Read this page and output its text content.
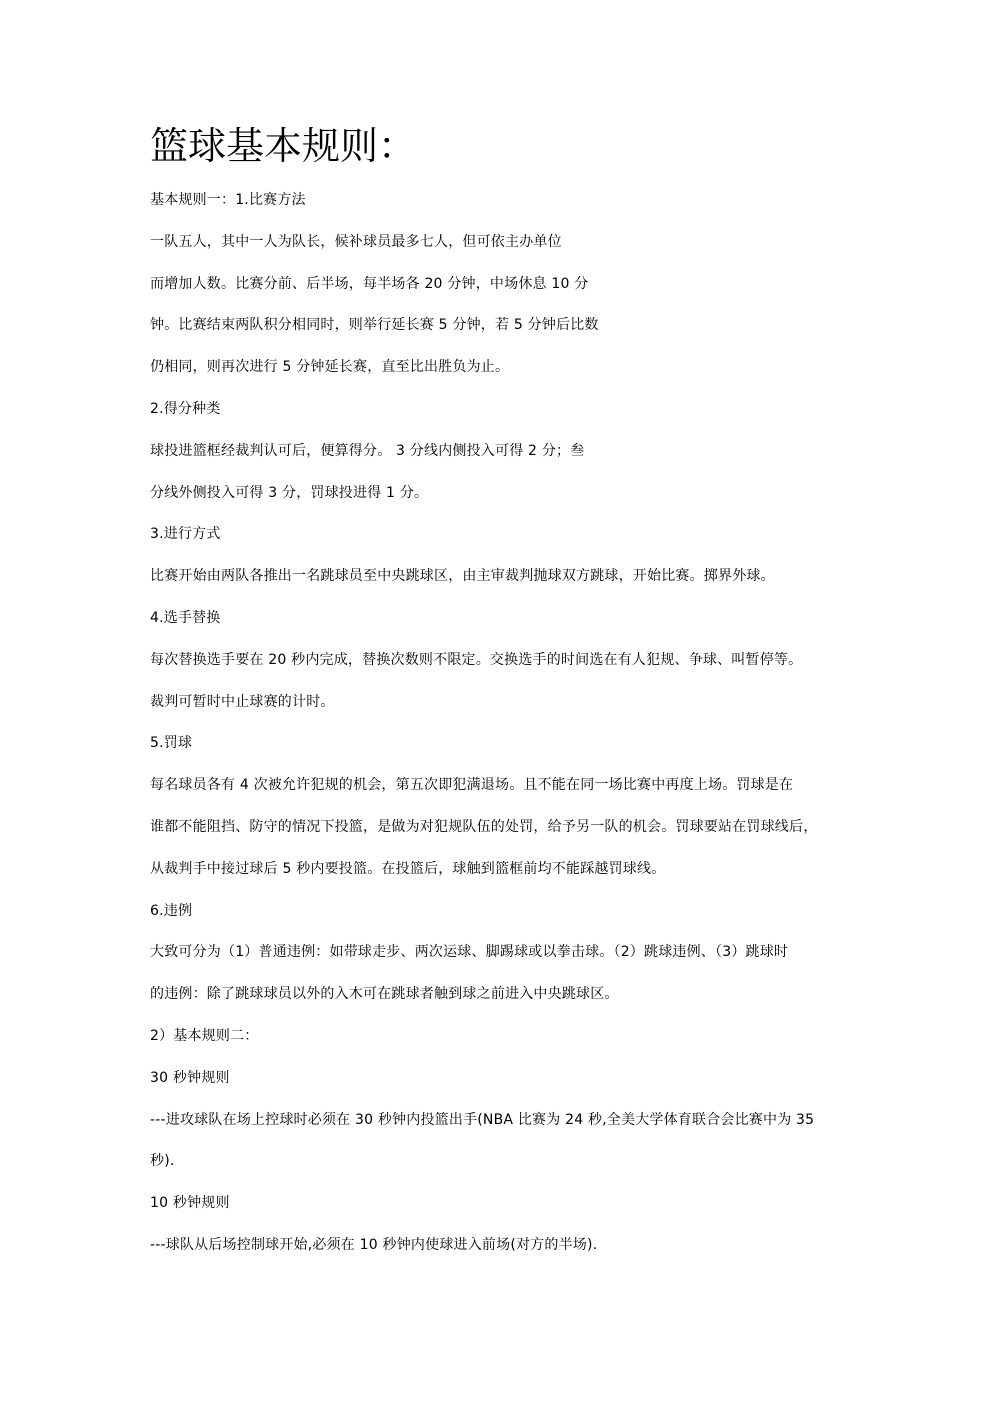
篮球基本规则：
基本规则一：1.比赛方法
一队五人，其中一人为队长，候补球员最多七人，但可依主办单位
而增加人数。比赛分前、后半场，每半场各 20 分钟，中场休息 10 分
钟。比赛结束两队积分相同时，则举行延长赛 5 分钟，若 5 分钟后比数
仍相同，则再次进行 5 分钟延长赛，直至比出胜负为止。
2.得分种类
球投进篮框经裁判认可后，便算得分。 3 分线内侧投入可得 2 分；叁
分线外侧投入可得 3 分，罚球投进得 1 分。
3.进行方式
比赛开始由两队各推出一名跳球员至中央跳球区，由主审裁判抛球双方跳球，开始比赛。掷界外球。
4.选手替换
每次替换选手要在 20 秒内完成，替换次数则不限定。交换选手的时间选在有人犯规、争球、叫暂停等。
裁判可暂时中止球赛的计时。
5.罚球
每名球员各有 4 次被允许犯规的机会，第五次即犯满退场。且不能在同一场比赛中再度上场。罚球是在
谁都不能阻挡、防守的情况下投篮，是做为对犯规队伍的处罚，给予另一队的机会。罚球要站在罚球线后，
从裁判手中接过球后 5 秒内要投篮。在投篮后，球触到篮框前均不能踩越罚球线。
6.违例
大致可分为（1）普通违例：如带球走步、两次运球、脚踢球或以拳击球。（2）跳球违例、（3）跳球时
的违例：除了跳球球员以外的入木可在跳球者触到球之前进入中央跳球区。
2）基本规则二：
30 秒钟规则
---进攻球队在场上控球时必须在 30 秒钟内投篮出手(NBA 比赛为 24 秒,全美大学体育联合会比赛中为 35
秒).
10 秒钟规则
---球队从后场控制球开始,必须在 10 秒钟内使球进入前场(对方的半场).
